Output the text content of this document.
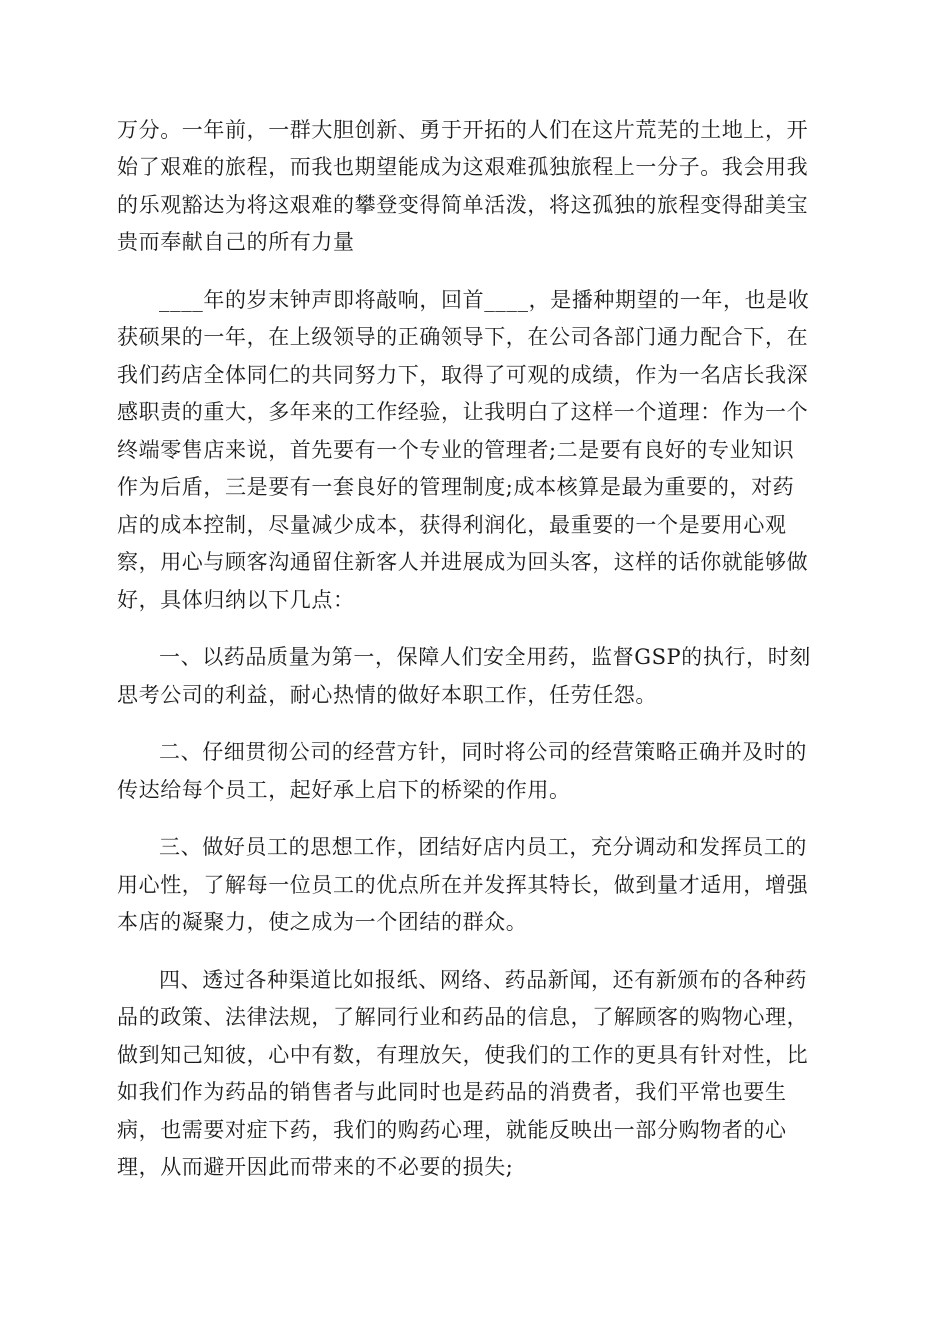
万分。一年前，一群大胆创新、勇于开拓的人们在这片荒芜的土地上，开
始了艰难的旅程，而我也期望能成为这艰难孤独旅程上一分子。我会用我
的乐观豁达为将这艰难的攀登变得简单活泼，将这孤独的旅程变得甜美宝
贵而奉献自己的所有力量
____年的岁末钟声即将敲响，回首____，是播种期望的一年，也是收
获硕果的一年，在上级领导的正确领导下，在公司各部门通力配合下，在
我们药店全体同仁的共同努力下，取得了可观的成绩，作为一名店长我深
感职责的重大，多年来的工作经验，让我明白了这样一个道理：作为一个
终端零售店来说，首先要有一个专业的管理者;二是要有良好的专业知识
作为后盾，三是要有一套良好的管理制度;成本核算是最为重要的，对药
店的成本控制，尽量减少成本，获得利润化，最重要的一个是要用心观
察，用心与顾客沟通留住新客人并进展成为回头客，这样的话你就能够做
好，具体归纳以下几点：
一、以药品质量为第一，保障人们安全用药，监督GSP的执行，时刻
思考公司的利益，耐心热情的做好本职工作，任劳任怨。
二、仔细贯彻公司的经营方针，同时将公司的经营策略正确并及时的
传达给每个员工，起好承上启下的桥梁的作用。
三、做好员工的思想工作，团结好店内员工，充分调动和发挥员工的
用心性，了解每一位员工的优点所在并发挥其特长，做到量才适用，增强
本店的凝聚力，使之成为一个团结的群众。
四、透过各种渠道比如报纸、网络、药品新闻，还有新颁布的各种药
品的政策、法律法规，了解同行业和药品的信息，了解顾客的购物心理，
做到知己知彼，心中有数，有理放矢，使我们的工作的更具有针对性，比
如我们作为药品的销售者与此同时也是药品的消费者，我们平常也要生
病，也需要对症下药，我们的购药心理，就能反映出一部分购物者的心
理，从而避开因此而带来的不必要的损失;
